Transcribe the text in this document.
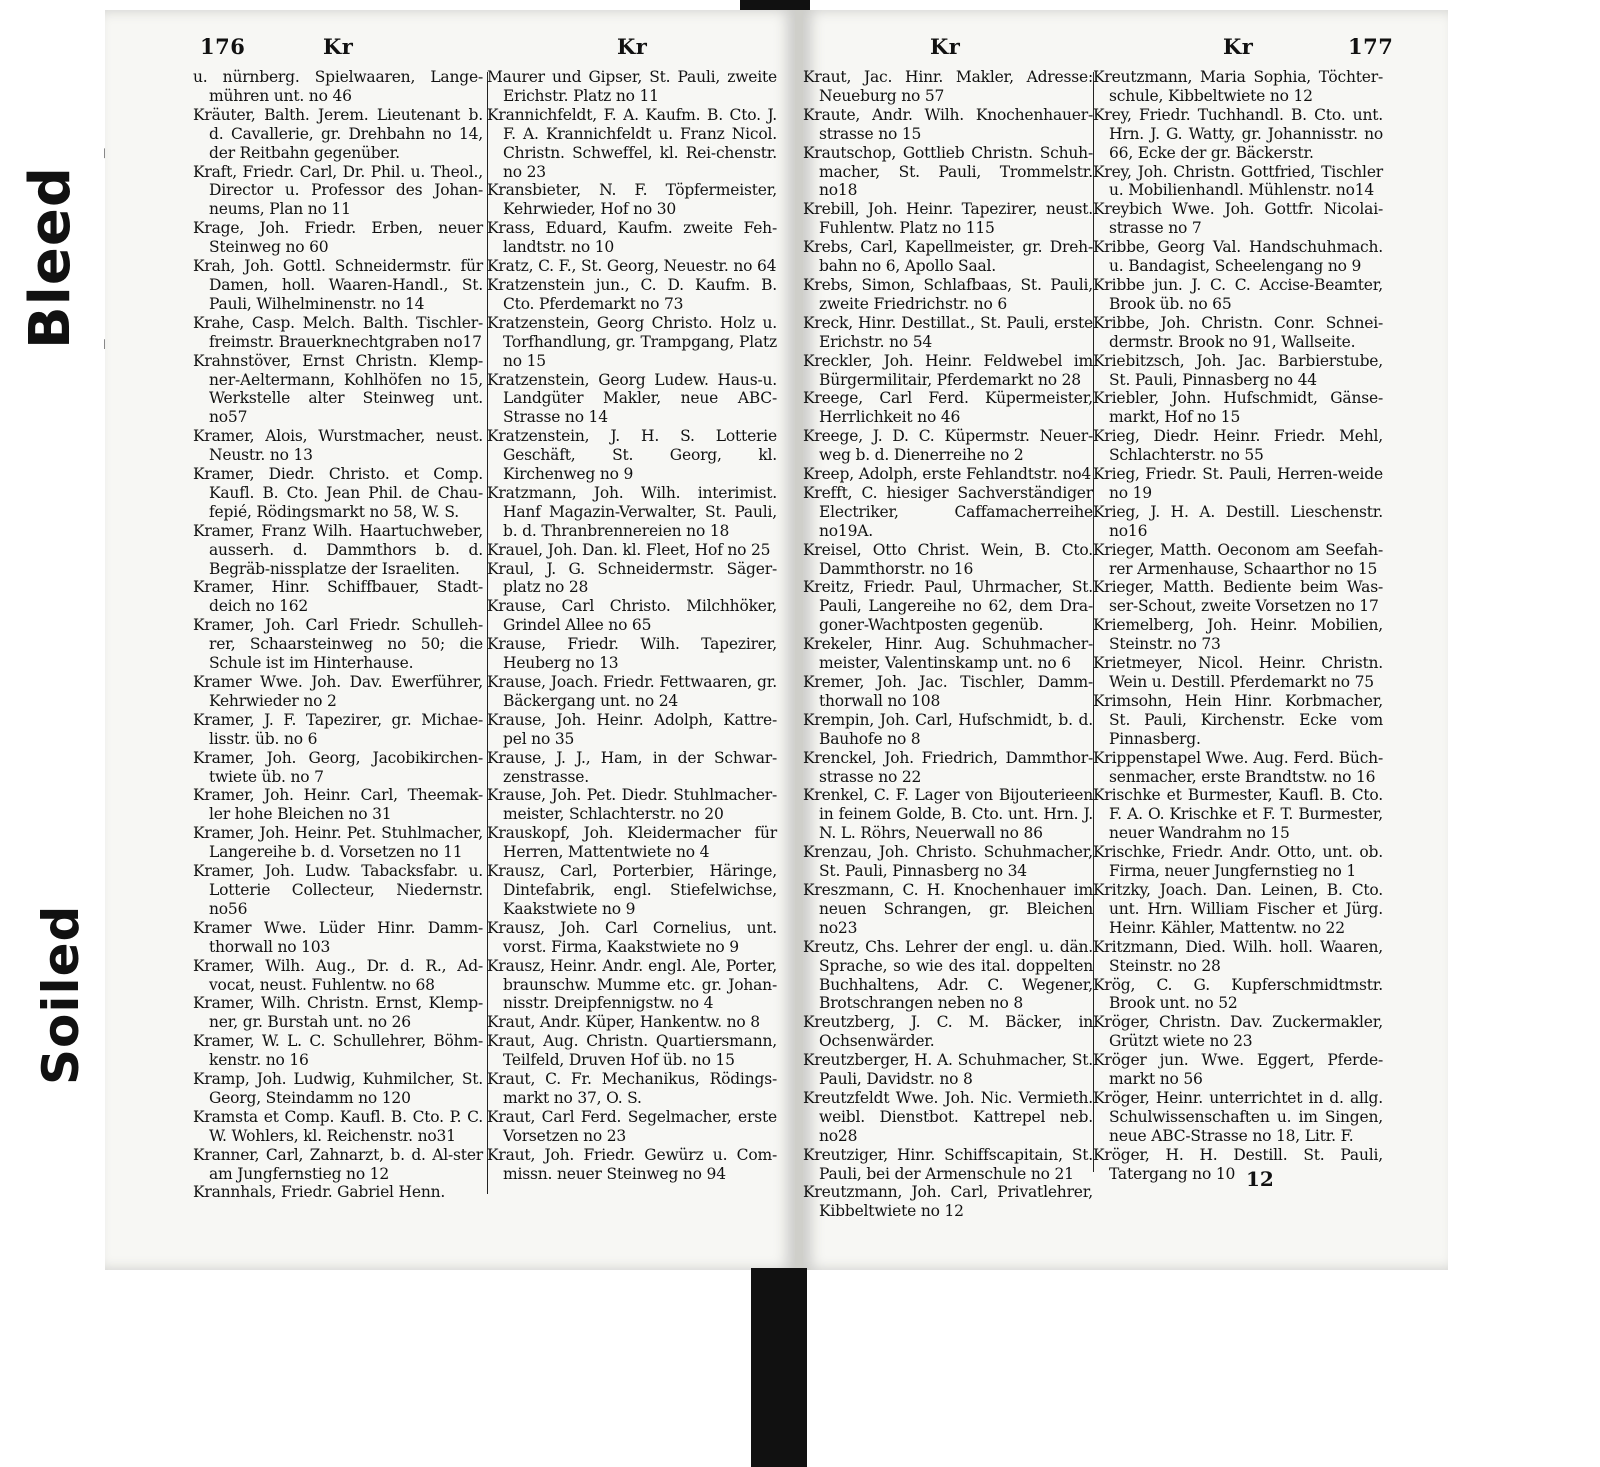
Bleed
Soiled
176	Kr	Kr
u. nürnberg. Spielwaaren, Lange-mühren unt. no 46
Kräuter, Balth. Jerem. Lieutenant b. d. Cavallerie, gr. Drehbahn no 14, der Reitbahn gegenüber.
Kraft, Friedr. Carl, Dr. Phil. u. Theol., Director u. Professor des Johan-neums, Plan no 11
Krage, Joh. Friedr. Erben, neuer Steinweg no 60
Krah, Joh. Gottl. Schneidermstr. für Damen, holl. Waaren-Handl., St. Pauli, Wilhelminenstr. no 14
Krahe, Casp. Melch. Balth. Tischler-freimstr. Brauerknechtgraben no17
Krahnstöver, Ernst Christn. Klemp-ner-Aeltermann, Kohlhöfen no 15, Werkstelle alter Steinweg unt. no57
Kramer, Alois, Wurstmacher, neust. Neustr. no 13
Kramer, Diedr. Christo. et Comp. Kaufl. B. Cto. Jean Phil. de Chau-fepié, Rödingsmarkt no 58, W. S.
Kramer, Franz Wilh. Haartuchweber, ausserh. d. Dammthors b. d. Begräb-nissplatze der Israeliten.
Kramer, Hinr. Schiffbauer, Stadt-deich no 162
Kramer, Joh. Carl Friedr. Schulleh-rer, Schaarsteinweg no 50; die Schule ist im Hinterhause.
Kramer Wwe. Joh. Dav. Ewerführer, Kehrwieder no 2
Kramer, J. F. Tapezirer, gr. Michae-lisstr. üb. no 6
Kramer, Joh. Georg, Jacobikirchen-twiete üb. no 7
Kramer, Joh. Heinr. Carl, Theemak-ler hohe Bleichen no 31
Kramer, Joh. Heinr. Pet. Stuhlmacher, Langereihe b. d. Vorsetzen no 11
Kramer, Joh. Ludw. Tabacksfabr. u. Lotterie Collecteur, Niedernstr. no56
Kramer Wwe. Lüder Hinr. Damm-thorwall no 103
Kramer, Wilh. Aug., Dr. d. R., Ad-vocat, neust. Fuhlentw. no 68
Kramer, Wilh. Christn. Ernst, Klemp-ner, gr. Burstah unt. no 26
Kramer, W. L. C. Schullehrer, Böhm-kenstr. no 16
Kramp, Joh. Ludwig, Kuhmilcher, St. Georg, Steindamm no 120
Kramsta et Comp. Kaufl. B. Cto. P. C. W. Wohlers, kl. Reichenstr. no31
Kranner, Carl, Zahnarzt, b. d. Al-ster am Jungfernstieg no 12
Krannhals, Friedr. Gabriel Henn.
Maurer und Gipser, St. Pauli, zweite Erichstr. Platz no 11
Krannichfeldt, F. A. Kaufm. B. Cto. J. F. A. Krannichfeldt u. Franz Nicol. Christn. Schweffel, kl. Rei-chenstr. no 23
Kransbieter, N. F. Töpfermeister, Kehrwieder, Hof no 30
Krass, Eduard, Kaufm. zweite Feh-landtstr. no 10
Kratz, C. F., St. Georg, Neuestr. no 64
Kratzenstein jun., C. D. Kaufm. B. Cto. Pferdemarkt no 73
Kratzenstein, Georg Christo. Holz u. Torfhandlung, gr. Trampgang, Platz no 15
Kratzenstein, Georg Ludew. Haus-u. Landgüter Makler, neue ABC-Strasse no 14
Kratzenstein, J. H. S. Lotterie Geschäft, St. Georg, kl. Kirchenweg no 9
Kratzmann, Joh. Wilh. interimist. Hanf Magazin-Verwalter, St. Pauli, b. d. Thranbrennereien no 18
Krauel, Joh. Dan. kl. Fleet, Hof no 25
Kraul, J. G. Schneidermstr. Säger-platz no 28
Krause, Carl Christo. Milchhöker, Grindel Allee no 65
Krause, Friedr. Wilh. Tapezirer, Heuberg no 13
Krause, Joach. Friedr. Fettwaaren, gr. Bäckergang unt. no 24
Krause, Joh. Heinr. Adolph, Kattre-pel no 35
Krause, J. J., Ham, in der Schwar-zenstrasse.
Krause, Joh. Pet. Diedr. Stuhlmacher-meister, Schlachterstr. no 20
Krauskopf, Joh. Kleidermacher für Herren, Mattentwiete no 4
Krausz, Carl, Porterbier, Häringe, Dintefabrik, engl. Stiefelwichse, Kaakstwiete no 9
Krausz, Joh. Carl Cornelius, unt. vorst. Firma, Kaakstwiete no 9
Krausz, Heinr. Andr. engl. Ale, Porter, braunschw. Mumme etc. gr. Johan-nisstr. Dreipfennigstw. no 4
Kraut, Andr. Küper, Hankentw. no 8
Kraut, Aug. Christn. Quartiersmann, Teilfeld, Druven Hof üb. no 15
Kraut, C. Fr. Mechanikus, Rödings-markt no 37, O. S.
Kraut, Carl Ferd. Segelmacher, erste Vorsetzen no 23
Kraut, Joh. Friedr. Gewürz u. Com-missn. neuer Steinweg no 94
Kr	Kr	177
Kraut, Jac. Hinr. Makler, Adresse: Neueburg no 57
Kraute, Andr. Wilh. Knochenhauer-strasse no 15
Krautschop, Gottlieb Christn. Schuh-macher, St. Pauli, Trommelstr. no18
Krebill, Joh. Heinr. Tapezirer, neust. Fuhlentw. Platz no 115
Krebs, Carl, Kapellmeister, gr. Dreh-bahn no 6, Apollo Saal.
Krebs, Simon, Schlafbaas, St. Pauli, zweite Friedrichstr. no 6
Kreck, Hinr. Destillat., St. Pauli, erste Erichstr. no 54
Kreckler, Joh. Heinr. Feldwebel im Bürgermilitair, Pferdemarkt no 28
Kreege, Carl Ferd. Küpermeister, Herrlichkeit no 46
Kreege, J. D. C. Küpermstr. Neuer-weg b. d. Dienerreihe no 2
Kreep, Adolph, erste Fehlandtstr. no4
Krefft, C. hiesiger Sachverständiger Electriker, Caffamacherreihe no19A.
Kreisel, Otto Christ. Wein, B. Cto. Dammthorstr. no 16
Kreitz, Friedr. Paul, Uhrmacher, St. Pauli, Langereihe no 62, dem Dra-goner-Wachtposten gegenüb.
Krekeler, Hinr. Aug. Schuhmacher-meister, Valentinskamp unt. no 6
Kremer, Joh. Jac. Tischler, Damm-thorwall no 108
Krempin, Joh. Carl, Hufschmidt, b. d. Bauhofe no 8
Krenckel, Joh. Friedrich, Dammthor-strasse no 22
Krenkel, C. F. Lager von Bijouterieen in feinem Golde, B. Cto. unt. Hrn. J. N. L. Röhrs, Neuerwall no 86
Krenzau, Joh. Christo. Schuhmacher, St. Pauli, Pinnasberg no 34
Kreszmann, C. H. Knochenhauer im neuen Schrangen, gr. Bleichen no23
Kreutz, Chs. Lehrer der engl. u. dän. Sprache, so wie des ital. doppelten Buchhaltens, Adr. C. Wegener, Brotschrangen neben no 8
Kreutzberg, J. C. M. Bäcker, in Ochsenwärder.
Kreutzberger, H. A. Schuhmacher, St. Pauli, Davidstr. no 8
Kreutzfeldt Wwe. Joh. Nic. Vermieth. weibl. Dienstbot. Kattrepel neb. no28
Kreutziger, Hinr. Schiffscapitain, St. Pauli, bei der Armenschule no 21
Kreutzmann, Joh. Carl, Privatlehrer, Kibbeltwiete no 12
Kreutzmann, Maria Sophia, Töchter-schule, Kibbeltwiete no 12
Krey, Friedr. Tuchhandl. B. Cto. unt. Hrn. J. G. Watty, gr. Johannisstr. no 66, Ecke der gr. Bäckerstr.
Krey, Joh. Christn. Gottfried, Tischler u. Mobilienhandl. Mühlenstr. no14
Kreybich Wwe. Joh. Gottfr. Nicolai-strasse no 7
Kribbe, Georg Val. Handschuhmach. u. Bandagist, Scheelengang no 9
Kribbe jun. J. C. C. Accise-Beamter, Brook üb. no 65
Kribbe, Joh. Christn. Conr. Schnei-dermstr. Brook no 91, Wallseite.
Kriebitzsch, Joh. Jac. Barbierstube, St. Pauli, Pinnasberg no 44
Kriebler, John. Hufschmidt, Gänse-markt, Hof no 15
Krieg, Diedr. Heinr. Friedr. Mehl, Schlachterstr. no 55
Krieg, Friedr. St. Pauli, Herren-weide no 19
Krieg, J. H. A. Destill. Lieschenstr. no16
Krieger, Matth. Oeconom am Seefah-rer Armenhause, Schaarthor no 15
Krieger, Matth. Bediente beim Was-ser-Schout, zweite Vorsetzen no 17
Kriemelberg, Joh. Heinr. Mobilien, Steinstr. no 73
Krietmeyer, Nicol. Heinr. Christn. Wein u. Destill. Pferdemarkt no 75
Krimsohn, Hein Hinr. Korbmacher, St. Pauli, Kirchenstr. Ecke vom Pinnasberg.
Krippenstapel Wwe. Aug. Ferd. Büch-senmacher, erste Brandtstw. no 16
Krischke et Burmester, Kaufl. B. Cto. F. A. O. Krischke et F. T. Burmester, neuer Wandrahm no 15
Krischke, Friedr. Andr. Otto, unt. ob. Firma, neuer Jungfernstieg no 1
Kritzky, Joach. Dan. Leinen, B. Cto. unt. Hrn. William Fischer et Jürg. Heinr. Kähler, Mattentw. no 22
Kritzmann, Died. Wilh. holl. Waaren, Steinstr. no 28
Krög, C. G. Kupferschmidtmstr. Brook unt. no 52
Kröger, Christn. Dav. Zuckermakler, Grützt wiete no 23
Kröger jun. Wwe. Eggert, Pferde-markt no 56
Kröger, Heinr. unterrichtet in d. allg. Schulwissenschaften u. im Singen, neue ABC-Strasse no 18, Litr. F.
Kröger, H. H. Destill. St. Pauli, Tatergang no 10 12
